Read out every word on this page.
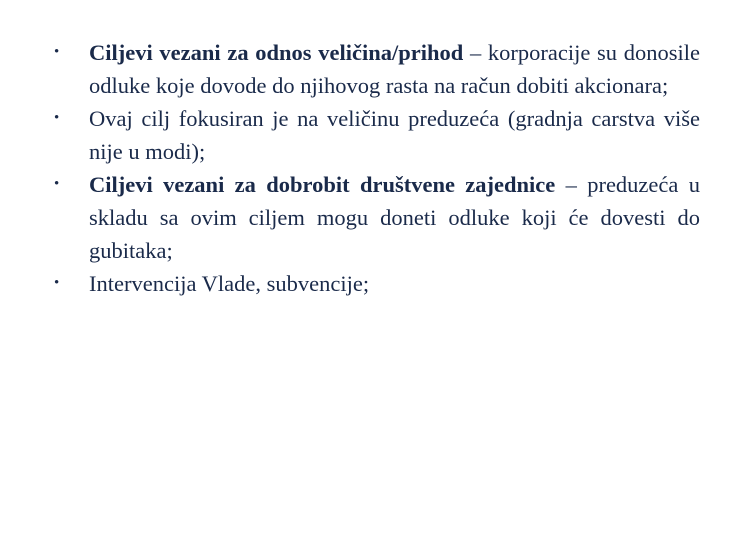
• Ciljevi vezani za odnos veličina/prihod – korporacije su donosile odluke koje dovode do njihovog rasta na račun dobiti akcionara;
• Ovaj cilj fokusiran je na veličinu preduzeća (gradnja carstva više nije u modi);
• Ciljevi vezani za dobrobit društvene zajednice – preduzeća u skladu sa ovim ciljem mogu doneti odluke koji će dovesti do gubitaka;
• Intervencija Vlade, subvencije;
